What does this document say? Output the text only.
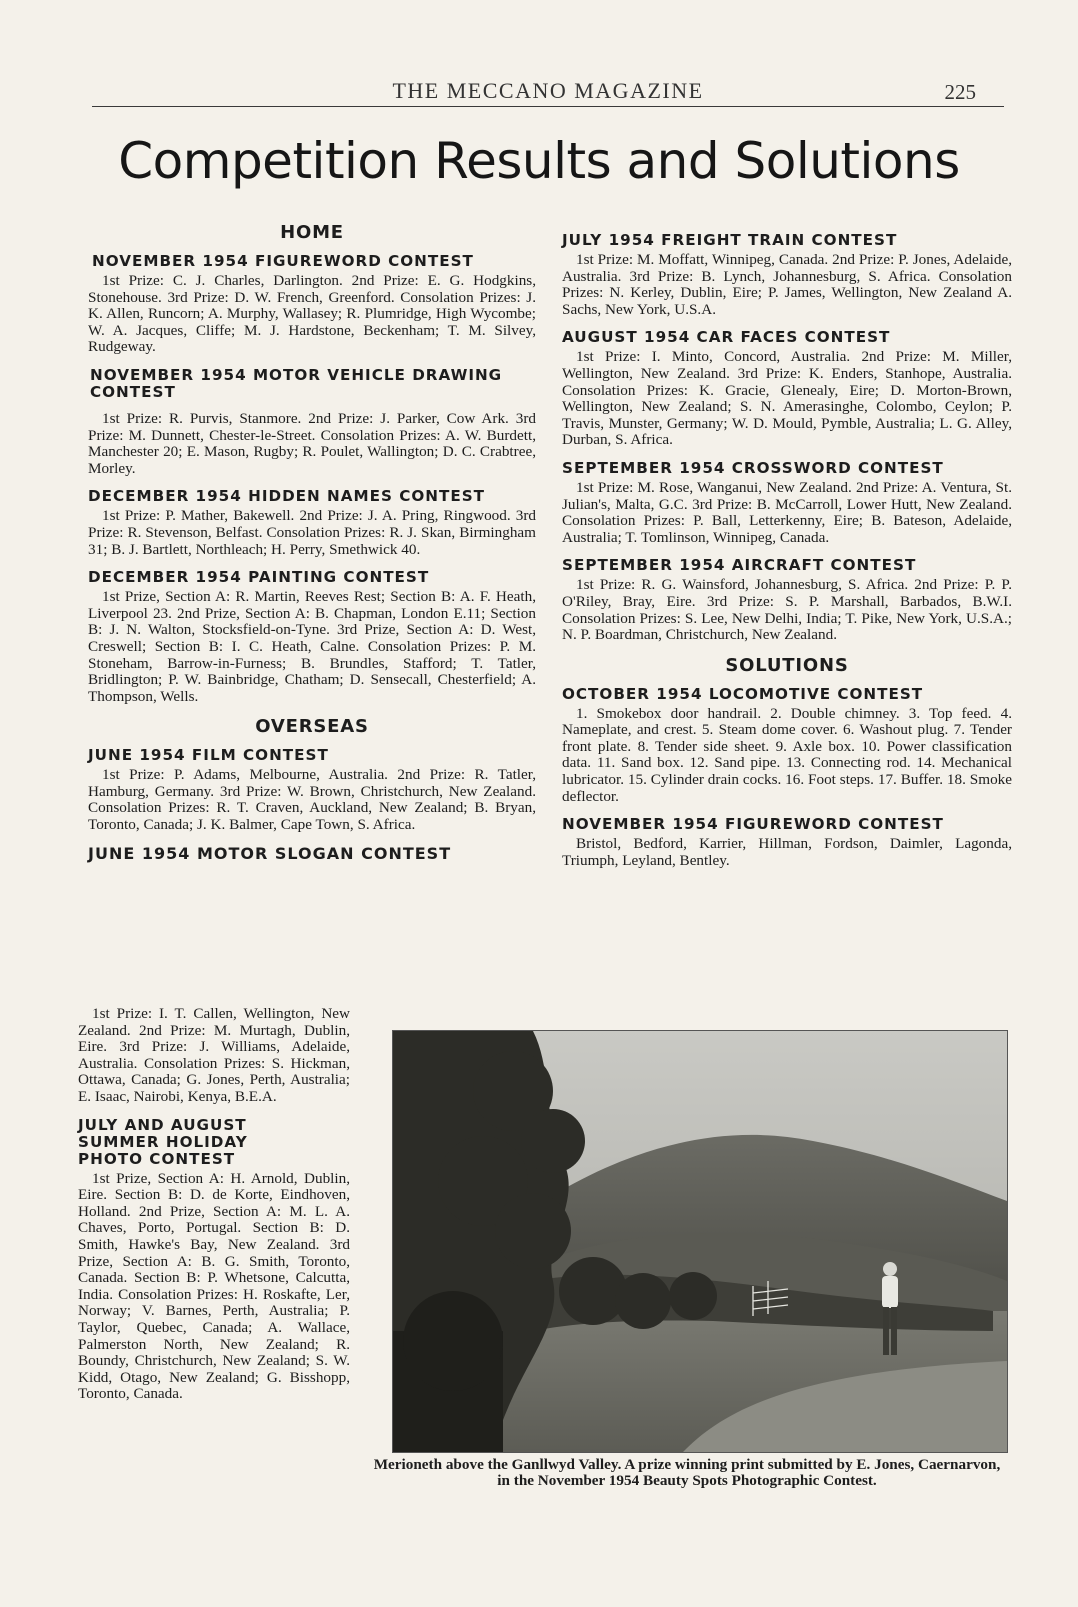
THE MECCANO MAGAZINE	225
Competition Results and Solutions
HOME
NOVEMBER 1954 FIGUREWORD CONTEST

1st Prize: C. J. Charles, Darlington. 2nd Prize: E. G. Hodgkins, Stonehouse. 3rd Prize: D. W. French, Greenford. Consolation Prizes: J. K. Allen, Runcorn; A. Murphy, Wallasey; R. Plumridge, High Wycombe; W. A. Jacques, Cliffe; M. J. Hardstone, Beckenham; T. M. Silvey, Rudgeway.

NOVEMBER 1954 MOTOR VEHICLE DRAWING CONTEST

1st Prize: R. Purvis, Stanmore. 2nd Prize: J. Parker, Cow Ark. 3rd Prize: M. Dunnett, Chester-le-Street. Consolation Prizes: A. W. Burdett, Manchester 20; E. Mason, Rugby; R. Poulet, Wallington; D. C. Crabtree, Morley.

DECEMBER 1954 HIDDEN NAMES CONTEST

1st Prize: P. Mather, Bakewell. 2nd Prize: J. A. Pring, Ringwood. 3rd Prize: R. Stevenson, Belfast. Consolation Prizes: R. J. Skan, Birmingham 31; B. J. Bartlett, Northleach; H. Perry, Smethwick 40.

DECEMBER 1954 PAINTING CONTEST

1st Prize, Section A: R. Martin, Reeves Rest; Section B: A. F. Heath, Liverpool 23. 2nd Prize, Section A: B. Chapman, London E.11; Section B: J. N. Walton, Stocksfield-on-Tyne. 3rd Prize, Section A: D. West, Creswell; Section B: I. C. Heath, Calne. Consolation Prizes: P. M. Stoneham, Barrow-in-Furness; B. Brundles, Stafford; T. Tatler, Bridlington; P. W. Bainbridge, Chatham; D. Sensecall, Chesterfield; A. Thompson, Wells.

OVERSEAS
JUNE 1954 FILM CONTEST

1st Prize: P. Adams, Melbourne, Australia. 2nd Prize: R. Tatler, Hamburg, Germany. 3rd Prize: W. Brown, Christchurch, New Zealand. Consolation Prizes: R. T. Craven, Auckland, New Zealand; B. Bryan, Toronto, Canada; J. K. Balmer, Cape Town, S. Africa.

JUNE 1954 MOTOR SLOGAN CONTEST

1st Prize: I. T. Callen, Wellington, New Zealand. 2nd Prize: M. Murtagh, Dublin, Eire. 3rd Prize: J. Williams, Adelaide, Australia. Consolation Prizes: S. Hickman, Ottawa, Canada; G. Jones, Perth, Australia; E. Isaac, Nairobi, Kenya, B.E.A.

JULY AND AUGUST SUMMER HOLIDAY PHOTO CONTEST

1st Prize, Section A: H. Arnold, Dublin, Eire. Section B: D. de Korte, Eindhoven, Holland. 2nd Prize, Section A: M. L. A. Chaves, Porto, Portugal. Section B: D. Smith, Hawke's Bay, New Zealand. 3rd Prize, Section A: B. G. Smith, Toronto, Canada. Section B: P. Whetsone, Calcutta, India. Consolation Prizes: H. Roskafte, Ler, Norway; V. Barnes, Perth, Australia; P. Taylor, Quebec, Canada; A. Wallace, Palmerston North, New Zealand; R. Boundy, Christchurch, New Zealand; S. W. Kidd, Otago, New Zealand; G. Bisshopp, Toronto, Canada.

JULY 1954 FREIGHT TRAIN CONTEST

1st Prize: M. Moffatt, Winnipeg, Canada. 2nd Prize: P. Jones, Adelaide, Australia. 3rd Prize: B. Lynch, Johannesburg, S. Africa. Consolation Prizes: N. Kerley, Dublin, Eire; P. James, Wellington, New Zealand A. Sachs, New York, U.S.A.

AUGUST 1954 CAR FACES CONTEST

1st Prize: I. Minto, Concord, Australia. 2nd Prize: M. Miller, Wellington, New Zealand. 3rd Prize: K. Enders, Stanhope, Australia. Consolation Prizes: K. Gracie, Glenealy, Eire; D. Morton-Brown, Wellington, New Zealand; S. N. Amerasinghe, Colombo, Ceylon; P. Travis, Munster, Germany; W. D. Mould, Pymble, Australia; L. G. Alley, Durban, S. Africa.

SEPTEMBER 1954 CROSSWORD CONTEST

1st Prize: M. Rose, Wanganui, New Zealand. 2nd Prize: A. Ventura, St. Julian's, Malta, G.C. 3rd Prize: B. McCarroll, Lower Hutt, New Zealand. Consolation Prizes: P. Ball, Letterkenny, Eire; B. Bateson, Adelaide, Australia; T. Tomlinson, Winnipeg, Canada.

SEPTEMBER 1954 AIRCRAFT CONTEST

1st Prize: R. G. Wainsford, Johannesburg, S. Africa. 2nd Prize: P. P. O'Riley, Bray, Eire. 3rd Prize: S. P. Marshall, Barbados, B.W.I. Consolation Prizes: S. Lee, New Delhi, India; T. Pike, New York, U.S.A.; N. P. Boardman, Christchurch, New Zealand.

SOLUTIONS
OCTOBER 1954 LOCOMOTIVE CONTEST

1. Smokebox door handrail. 2. Double chimney. 3. Top feed. 4. Nameplate, and crest. 5. Steam dome cover. 6. Washout plug. 7. Tender front plate. 8. Tender side sheet. 9. Axle box. 10. Power classification data. 11. Sand box. 12. Sand pipe. 13. Connecting rod. 14. Mechanical lubricator. 15. Cylinder drain cocks. 16. Foot steps. 17. Buffer. 18. Smoke deflector.

NOVEMBER 1954 FIGUREWORD CONTEST

Bristol, Bedford, Karrier, Hillman, Fordson, Daimler, Lagonda, Triumph, Leyland, Bentley.

Merioneth above the Ganllwyd Valley. A prize winning print submitted by E. Jones, Caernarvon, in the November 1954 Beauty Spots Photographic Contest.
